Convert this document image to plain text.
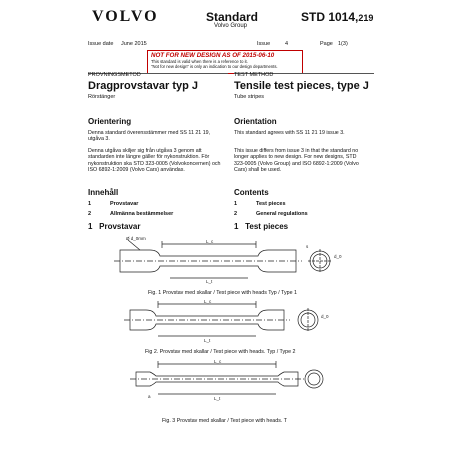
VOLVO	Standard
Volvo Group
STD 1014,219
Issue date June 2015	Issue	4	Page 1(3)
NOT FOR NEW DESIGN AS OF 2015-06-10
This standard is valid when there is a reference to it.
"Not for new design" is only an indication to our design departments.
PROVNINGSMETOD	TEST METHOD
Dragprovstavar typ J	Tensile test pieces, type J
Rörstänger	Tube stripes
Orientering	Orientation
Denna standard överensstämmer med SS 11 21 19, utgåva 3.
This standard agrees with SS 11 21 19 issue 3.
Denna utgåva skiljer sig från utgåva 3 genom att standarden inte längre gäller för nykonstruktion. För nykonstruktion ska STD 323-0005 (Volvokoncernen) och ISO 6892-1:2009 (Volvo Cars) användas.
This issue differs from issue 3 in that the standard no longer applies to new design. For new designs, STD 323-0005 (Volvo Group) and ISO 6892-1:2009 (Volvo Cars) shall be used.
Innehåll	Contents
1	Provstavar
2	Allmänna bestämmelser
1	Test pieces
2	General regulations
1   Provstavar	1   Test pieces
Ø d_0mm
L_c
L_t
d_0
s
Fig. 1 Provstav med skallar / Test piece with heads Typ / Type 1
L_c
L_t
d_0
Fig 2. Provstav med skallar / Test piece with heads. Typ / Type 2
L_c
L_t
a
Fig. 3 Provstav med skallar / Test piece with heads. T
